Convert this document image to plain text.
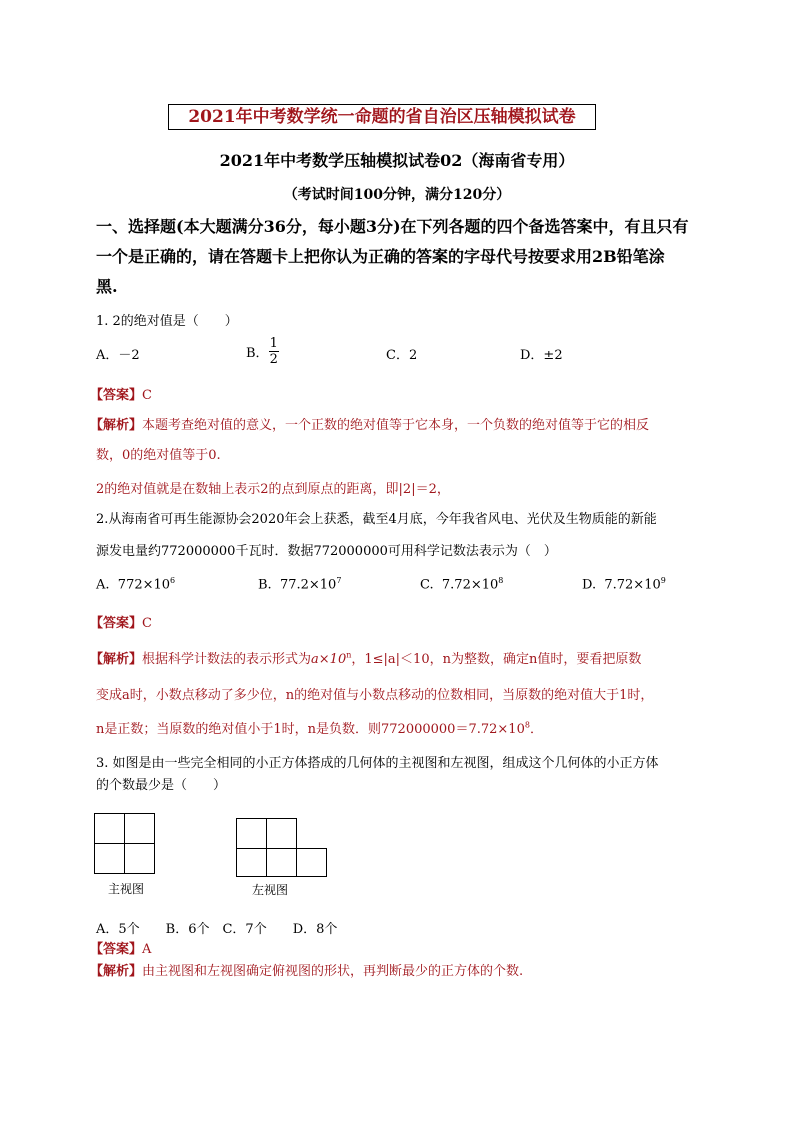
2021年中考数学统一命题的省自治区压轴模拟试卷
2021年中考数学压轴模拟试卷02（海南省专用）
（考试时间100分钟，满分120分）
一、选择题(本大题满分36分，每小题3分)在下列各题的四个备选答案中，有且只有
一个是正确的，请在答题卡上把你认为正确的答案的字母代号按要求用2B铅笔涂
黑.
1. 2的绝对值是（　　）
A．－2	B． $\frac{1}{2}$	C．2	D．±2
【答案】C
【解析】本题考查绝对值的意义，一个正数的绝对值等于它本身，一个负数的绝对值等于它的相反
数，0的绝对值等于0.
2的绝对值就是在数轴上表示2的点到原点的距离，即|2|＝2，
2.从海南省可再生能源协会2020年会上获悉，截至4月底，今年我省风电、光伏及生物质能的新能
源发电量约772000000千瓦时．数据772000000可用科学记数法表示为（　）
A. $772\times 10^6$	B. $77.2\times 10^7$	C. $7.72\times 10^8$	D. $7.72\times 10^9$
【答案】C
【解析】根据科学计数法的表示形式为$a\times 10^n$，1≤|a|＜10，n为整数，确定n值时，要看把原数
变成a时，小数点移动了多少位，n的绝对值与小数点移动的位数相同，当原数的绝对值大于1时，
n是正数；当原数的绝对值小于1时，n是负数．则$772000000=7.72\times 10^8$．
3. 如图是由一些完全相同的小正方体搭成的几何体的主视图和左视图，组成这个几何体的小正方体
的个数最少是（　　）
主视图	左视图
A．5个　　B．6个　C．7个　　D．8个
【答案】A
【解析】由主视图和左视图确定俯视图的形状，再判断最少的正方体的个数.
